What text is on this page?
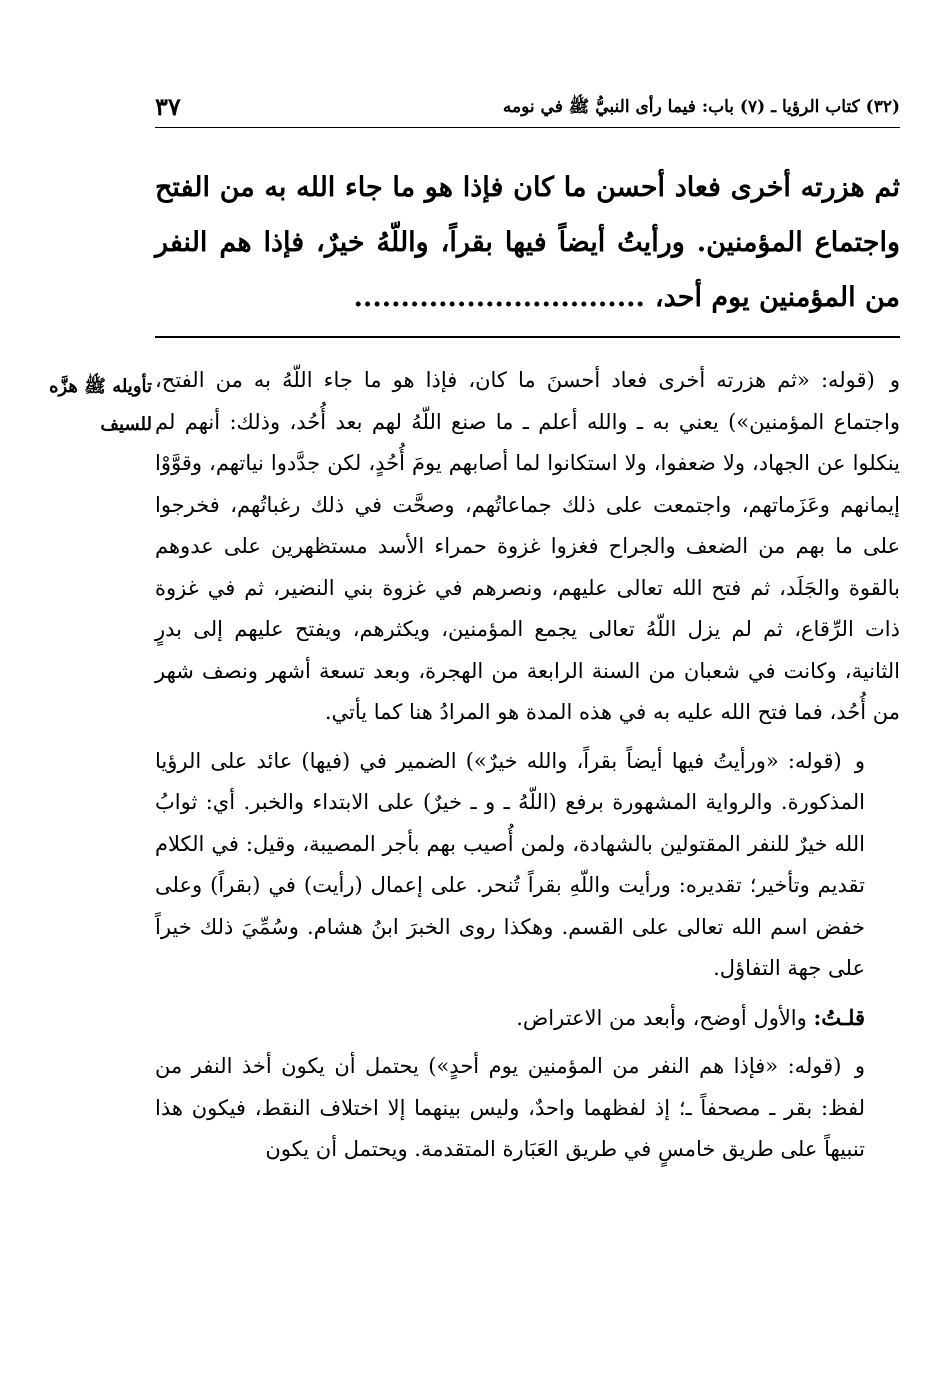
(٣٢) كتاب الرؤيا ـ (٧) باب: فيما رأى النبيُّ ﷺ في نومه
٣٧
ثم هزرته أخرى فعاد أحسن ما كان فإذا هو ما جاء الله به من الفتح واجتماع المؤمنين. ورأيتُ أيضاً فيها بقراً، واللّهُ خيرٌ، فإذا هم النفر من المؤمنين يوم أحد،...............................
تأويله ﷺ هزَّه للسيف

و (قوله: «ثم هزرته أخرى فعاد أحسنَ ما كان، فإذا هو ما جاء اللّهُ به من الفتح، واجتماع المؤمنين») يعني به ـ والله أعلم ـ ما صنع اللّهُ لهم بعد أُحُد، وذلك: أنهم لم ينكلوا عن الجهاد، ولا ضعفوا، ولا استكانوا لما أصابهم يومَ أُحُدٍ، لكن جدَّدوا نياتهم، وقوَّوْا إيمانهم وعَزَماتهم، واجتمعت على ذلك جماعاتُهم، وصحَّت في ذلك رغباتُهم، فخرجوا على ما بهم من الضعف والجراح فغزوا غزوة حمراء الأسد مستظهرين على عدوهم بالقوة والجَلَد، ثم فتح الله تعالى عليهم، ونصرهم في غزوة بني النضير، ثم في غزوة ذات الرِّقاع، ثم لم يزل اللّهُ تعالى يجمع المؤمنين، ويكثرهم، ويفتح عليهم إلى بدرٍ الثانية، وكانت في شعبان من السنة الرابعة من الهجرة، وبعد تسعة أشهر ونصف شهر من أُحُد، فما فتح الله عليه به في هذه المدة هو المرادُ هنا كما يأتي.

و (قوله: «ورأيتُ فيها أيضاً بقراً، والله خيرٌ») الضمير في (فيها) عائد على الرؤيا المذكورة. والرواية المشهورة برفع (اللّهُ ـ و ـ خيرٌ) على الابتداء والخبر. أي: ثوابُ الله خيرٌ للنفر المقتولين بالشهادة، ولمن أُصيب بهم بأجر المصيبة، وقيل: في الكلام تقديم وتأخير؛ تقديره: ورأيت واللّهِ بقراً تُنحر. على إعمال (رأيت) في (بقراً) وعلى خفض اسم الله تعالى على القسم. وهكذا روى الخبرَ ابنُ هشام. وسُمِّيَ ذلك خيراً على جهة التفاؤل.

قلـتُ: والأول أوضح، وأبعد من الاعتراض.

و (قوله: «فإذا هم النفر من المؤمنين يوم أحدٍ») يحتمل أن يكون أخذ النفر من لفظ: بقر ـ مصحفاً ـ؛ إذ لفظهما واحدٌ، وليس بينهما إلا اختلاف النقط، فيكون هذا تنبيهاً على طريق خامسٍ في طريق العَبَارة المتقدمة. ويحتمل أن يكون
